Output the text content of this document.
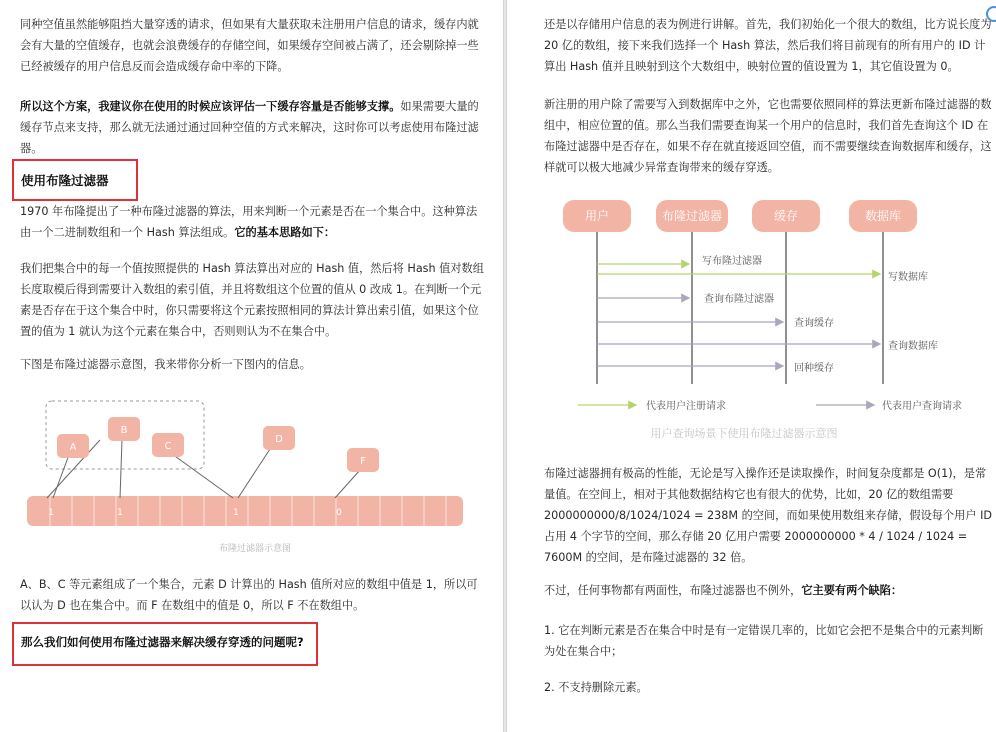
同种空值虽然能够阻挡大量穿透的请求，但如果有大量获取未注册用户信息的请求，缓存内就会有大量的空值缓存，也就会浪费缓存的存储空间，如果缓存空间被占满了，还会剔除掉一些已经被缓存的用户信息反而会造成缓存命中率的下降。
所以这个方案，我建议你在使用的时候应该评估一下缓存容量是否能够支撑。如果需要大量的缓存节点来支持，那么就无法通过通过回种空值的方式来解决，这时你可以考虑使用布隆过滤器。
使用布隆过滤器
1970 年布隆提出了一种布隆过滤器的算法，用来判断一个元素是否在一个集合中。这种算法由一个二进制数组和一个 Hash 算法组成。它的基本思路如下：
我们把集合中的每一个值按照提供的 Hash 算法算出对应的 Hash 值，然后将 Hash 值对数组长度取模后得到需要计入数组的索引值，并且将数组这个位置的值从 0 改成 1。在判断一个元素是否存在于这个集合中时，你只需要将这个元素按照相同的算法计算出索引值，如果这个位置的值为 1 就认为这个元素在集合中，否则则认为不在集合中。
下图是布隆过滤器示意图，我来带你分析一下图内的信息。
A
B
C
D
F
1	1	1	0
布隆过滤器示意图
A、B、C 等元素组成了一个集合，元素 D 计算出的 Hash 值所对应的数组中值是 1，所以可以认为 D 也在集合中。而 F 在数组中的值是 0，所以 F 不在数组中。
那么我们如何使用布隆过滤器来解决缓存穿透的问题呢?
还是以存储用户信息的表为例进行讲解。首先，我们初始化一个很大的数组，比方说长度为 20 亿的数组，接下来我们选择一个 Hash 算法，然后我们将目前现有的所有用户的 ID 计算出 Hash 值并且映射到这个大数组中，映射位置的值设置为 1，其它值设置为 0。
新注册的用户除了需要写入到数据库中之外，它也需要依照同样的算法更新布隆过滤器的数组中，相应位置的值。那么当我们需要查询某一个用户的信息时，我们首先查询这个 ID 在布隆过滤器中是否存在，如果不存在就直接返回空值，而不需要继续查询数据库和缓存，这样就可以极大地减少异常查询带来的缓存穿透。
用户	布隆过滤器	缓存	数据库
写布隆过滤器
写数据库
查询布隆过滤器
查询缓存
查询数据库
回种缓存
代表用户注册请求	代表用户查询请求
用户查询场景下使用布隆过滤器示意图
布隆过滤器拥有极高的性能，无论是写入操作还是读取操作，时间复杂度都是 O(1)，是常量值。在空间上，相对于其他数据结构它也有很大的优势，比如，20 亿的数组需要 2000000000/8/1024/1024 = 238M 的空间，而如果使用数组来存储，假设每个用户 ID 占用 4 个字节的空间，那么存储 20 亿用户需要 2000000000 * 4 / 1024 / 1024 = 7600M 的空间，是布隆过滤器的 32 倍。
不过，任何事物都有两面性，布隆过滤器也不例外，它主要有两个缺陷：
1. 它在判断元素是否在集合中时是有一定错误几率的，比如它会把不是集合中的元素判断为处在集合中；
2. 不支持删除元素。
